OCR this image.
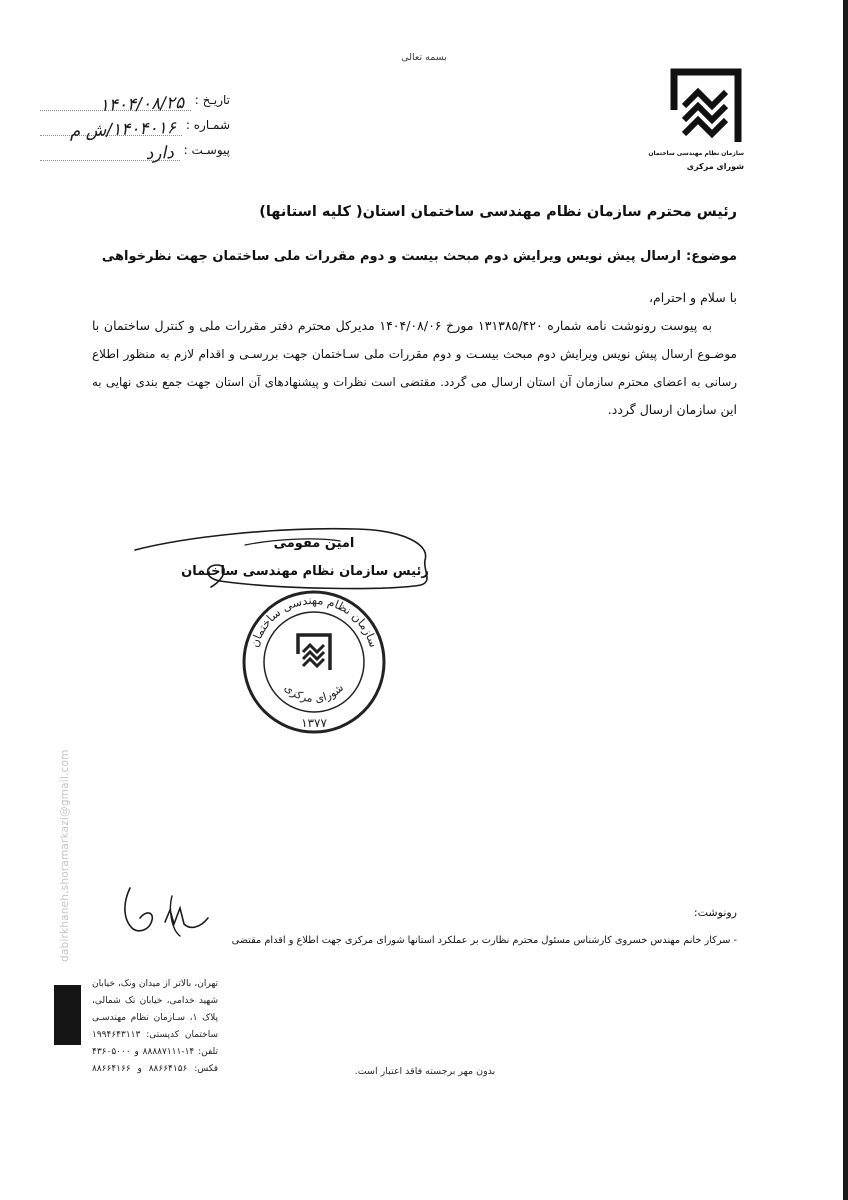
بسمه تعالی
سازمان نظام مهندسی ساختمان
شورای مرکزی
تاریـخ :
۱۴۰۴/۰۸/۲۵
شمـاره :
۱۴۰۴۰۱۶/ش م
پیوسـت :
دارد
رئیس محترم سازمان نظام مهندسی ساختمان استان( کلیه استانها)
موضوع:ارسال پیش نویس ویرایش دوم مبحث بیست و دوم مقررات ملی ساختمان جهت نظرخواهی
با سلام و احترام،
به پیوست رونوشت نامه شماره ۱۳۱۳۸۵/۴۲۰ مورخ ۱۴۰۴/۰۸/۰۶ مدیرکل محترم دفتر مقررات ملی و کنترل ساختمان با
موضـوع ارسال پیش نویس ویرایش دوم مبحث بیسـت و دوم مقررات ملی سـاختمان جهت بررسـی و اقدام لازم به منظور اطلاع
رسانی به اعضای محترم سازمان آن استان ارسال می گردد. مقتضی است نظرات و پیشنهادهای آن استان جهت جمع بندی نهایی به
این سازمان ارسال گردد.
امین مقومی
رئیس سازمان نظام مهندسی ساختمان
سازمان نظام مهندسی ساختمان
شورای مرکزی
۱۳۷۷
dabirkhaneh.shoramarkazi@gmail.com	رونوشت:
- سرکار خانم مهندس خسروی کارشناس مسئول محترم نظارت بر عملکرد استانها شورای مرکزی جهت اطلاع و اقدام مقتضی
تهران، بالاتر از میدان ونک، خیابان
شهید خدامی، خیابان تک شمالی،
پلاک ۱، سـازمان نظام مهندسـی
ساختمان کدپستی: ۱۹۹۴۶۴۳۱۱۳
تلفن: ۱۴-۸۸۸۸۷۱۱۱ و ۴۳۶۰۵۰۰۰
فکس: ۸۸۶۶۴۱۵۶ و ۸۸۶۶۴۱۶۶	بدون مهر برجسته فاقد اعتبار است.
